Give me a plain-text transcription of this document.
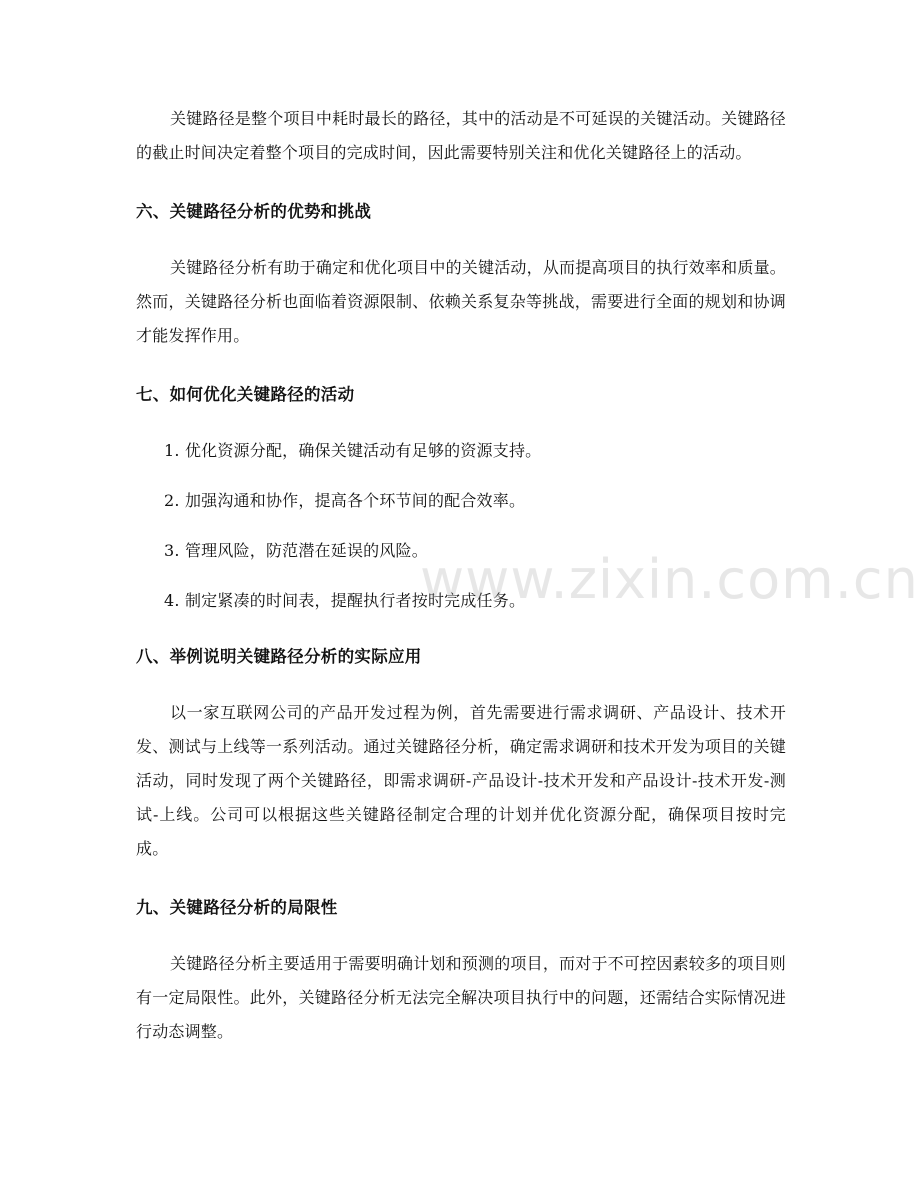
关键路径是整个项目中耗时最长的路径，其中的活动是不可延误的关键活动。关键路径的截止时间决定着整个项目的完成时间，因此需要特别关注和优化关键路径上的活动。

六、关键路径分析的优势和挑战

关键路径分析有助于确定和优化项目中的关键活动，从而提高项目的执行效率和质量。然而，关键路径分析也面临着资源限制、依赖关系复杂等挑战，需要进行全面的规划和协调才能发挥作用。

七、如何优化关键路径的活动
1. 优化资源分配，确保关键活动有足够的资源支持。
2. 加强沟通和协作，提高各个环节间的配合效率。
3. 管理风险，防范潜在延误的风险。
4. 制定紧凑的时间表，提醒执行者按时完成任务。
八、举例说明关键路径分析的实际应用

以一家互联网公司的产品开发过程为例，首先需要进行需求调研、产品设计、技术开发、测试与上线等一系列活动。通过关键路径分析，确定需求调研和技术开发为项目的关键活动，同时发现了两个关键路径，即需求调研-产品设计-技术开发和产品设计-技术开发-测试-上线。公司可以根据这些关键路径制定合理的计划并优化资源分配，确保项目按时完成。

九、关键路径分析的局限性

关键路径分析主要适用于需要明确计划和预测的项目，而对于不可控因素较多的项目则有一定局限性。此外，关键路径分析无法完全解决项目执行中的问题，还需结合实际情况进行动态调整。

www.zixin.com.cn
